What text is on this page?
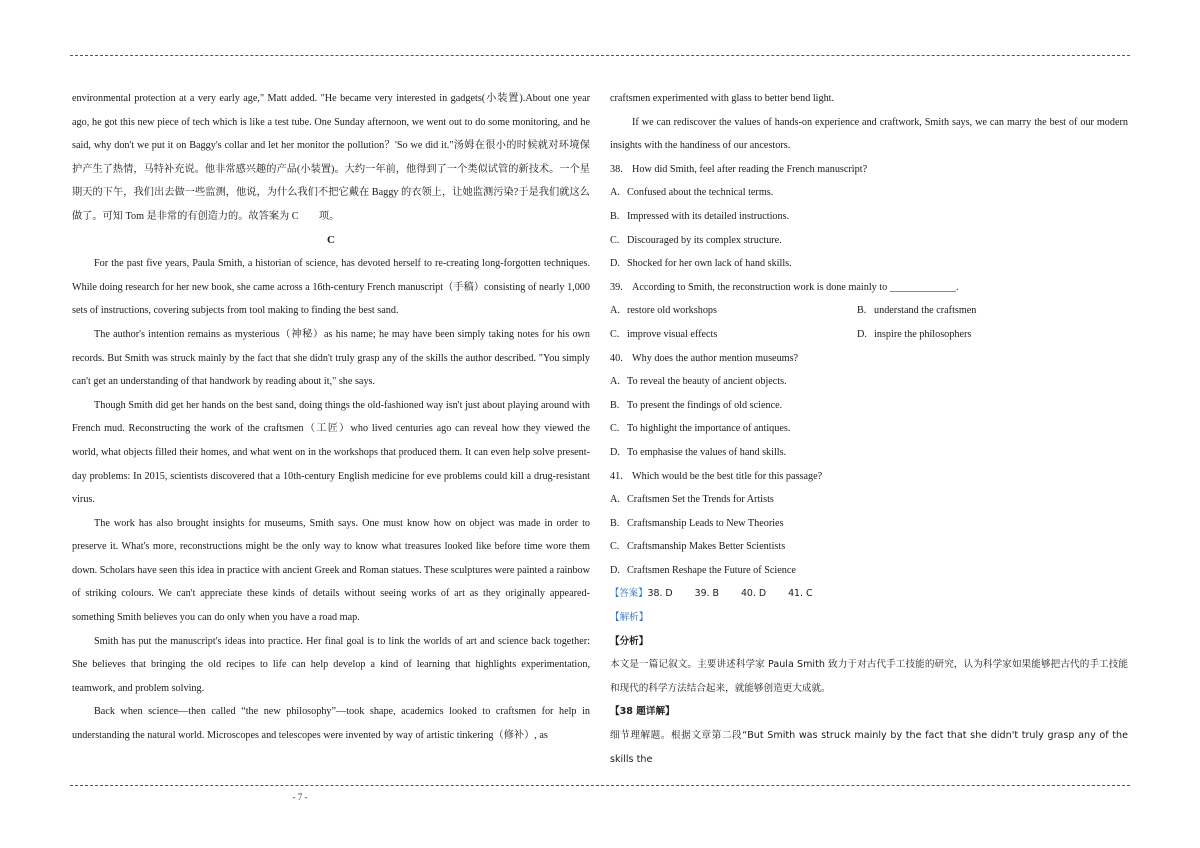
environmental protection at a very early age," Matt added. "He became very interested in gadgets(小装置).About one year ago, he got this new piece of tech which is like a test tube. One Sunday afternoon, we went out to do some monitoring, and he said, why don't we put it on Baggy's collar and let her monitor the pollution？'So we did it."汤姆在很小的时候就对环境保护产生了热情，马特补充说。他非常感兴趣的产品(小装置)。大约一年前，他得到了一个类似试管的新技术。一个星期天的下午，我们出去做一些监测，他说，为什么我们不把它戴在 Baggy 的衣领上，让她监测污染?于是我们就这么做了。可知 Tom 是非常的有创造力的。故答案为 C　　项。

C

For the past five years, Paula Smith, a historian of science, has devoted herself to re-creating long-forgotten techniques. While doing research for her new book, she came across a 16th-century French manuscript（手稿）consisting of nearly 1,000 sets of instructions, covering subjects from tool making to finding the best sand.

The author's intention remains as mysterious（神秘）as his name; he may have been simply taking notes for his own records. But Smith was struck mainly by the fact that she didn't truly grasp any of the skills the author described. "You simply can't get an understanding of that handwork by reading about it," she says.

Though Smith did get her hands on the best sand, doing things the old-fashioned way isn't just about playing around with French mud. Reconstructing the work of the craftsmen（工匠）who lived centuries ago can reveal how they viewed the world, what objects filled their homes, and what went on in the workshops that produced them. It can even help solve present-day problems: In 2015, scientists discovered that a 10th-century English medicine for eve problems could kill a drug-resistant virus.

The work has also brought insights for museums, Smith says. One must know how on object was made in order to preserve it. What's more, reconstructions might be the only way to know what treasures looked like before time wore them down. Scholars have seen this idea in practice with ancient Greek and Roman statues. These sculptures were painted a rainbow of striking colours. We can't appreciate these kinds of details without seeing works of art as they originally appeared-something Smith believes you can do only when you have a road map.

Smith has put the manuscript's ideas into practice. Her final goal is to link the worlds of art and science back together: She believes that bringing the old recipes to life can help develop a kind of learning that highlights experimentation, teamwork, and problem solving.

Back when science—then called “the new philosophy”—took shape, academics looked to craftsmen for help in understanding the natural world. Microscopes and telescopes were invented by way of artistic tinkering（修补）, as

craftsmen experimented with glass to better bend light.

If we can rediscover the values of hands-on experience and craftwork, Smith says, we can marry the best of our modern insights with the handiness of our ancestors.

38. How did Smith, feel after reading the French manuscript?

A. Confused about the technical terms.

B. Impressed with its detailed instructions.

C. Discouraged by its complex structure.

D. Shocked for her own lack of hand skills.

39. According to Smith, the reconstruction work is done mainly to _____________.

A. restore old workshops	B. understand the craftsmen
C. improve visual effects	D. inspire the philosophers

40. Why does the author mention museums?

A. To reveal the beauty of ancient objects.

B. To present the findings of old science.

C. To highlight the importance of antiques.

D. To emphasise the values of hand skills.

41. Which would be the best title for this passage?

A. Craftsmen Set the Trends for Artists

B. Craftsmanship Leads to New Theories

C. Craftsmanship Makes Better Scientists

D. Craftsmen Reshape the Future of Science

【答案】38. D 39. B 40. D 41. C

【解析】

【分析】

本文是一篇记叙文。主要讲述科学家 Paula Smith 致力于对古代手工技能的研究，认为科学家如果能够把古代的手工技能和现代的科学方法结合起来，就能够创造更大成就。

【38 题详解】

细节理解题。根据文章第二段“But Smith was struck mainly by the fact that she didn't truly grasp any of the skills the

- 7 -
